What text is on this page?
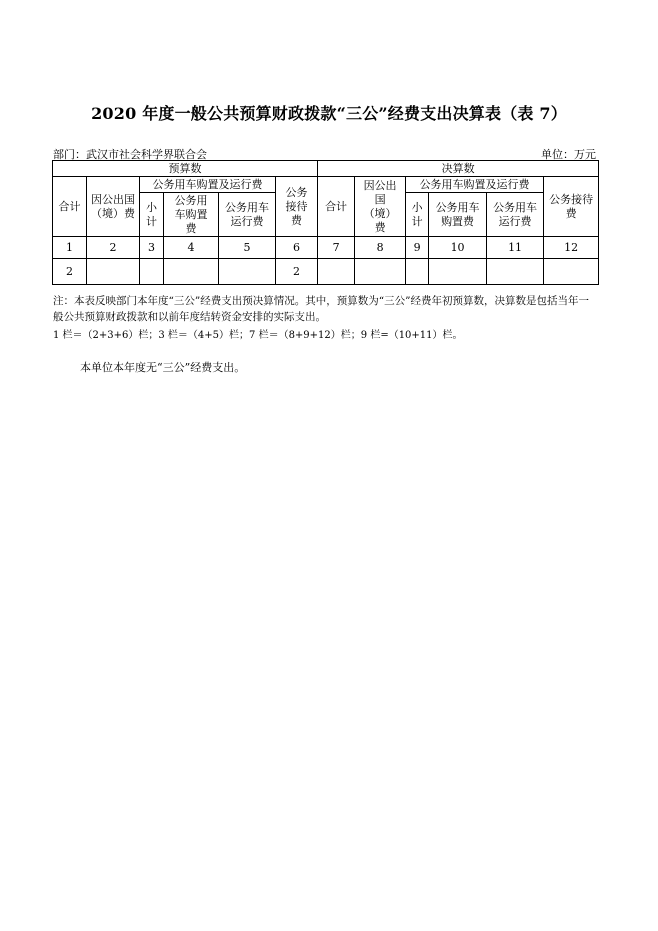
2020 年度一般公共预算财政拨款“三公”经费支出决算表（表 7）
部门：武汉市社会科学界联合会	单位：万元
预算数						决算数					
合计	因公出国（境）费	公务用车购置及运行费			公务接待费	合计	因公出国（境）费	公务用车购置及运行费			公务接待费
		小计	公务用车购置费	公务用车运行费				小计	公务用车购置费	公务用车运行费	
1	2	3	4	5	6	7	8	9	10	11	12
2					2						
注：本表反映部门本年度“三公”经费支出预决算情况。其中，预算数为“三公”经费年初预算数，决算数是包括当年一般公共预算财政拨款和以前年度结转资金安排的实际支出。
1 栏＝（2+3+6）栏；3 栏＝（4+5）栏；7 栏＝（8+9+12）栏；9 栏=（10+11）栏。
本单位本年度无“三公”经费支出。
